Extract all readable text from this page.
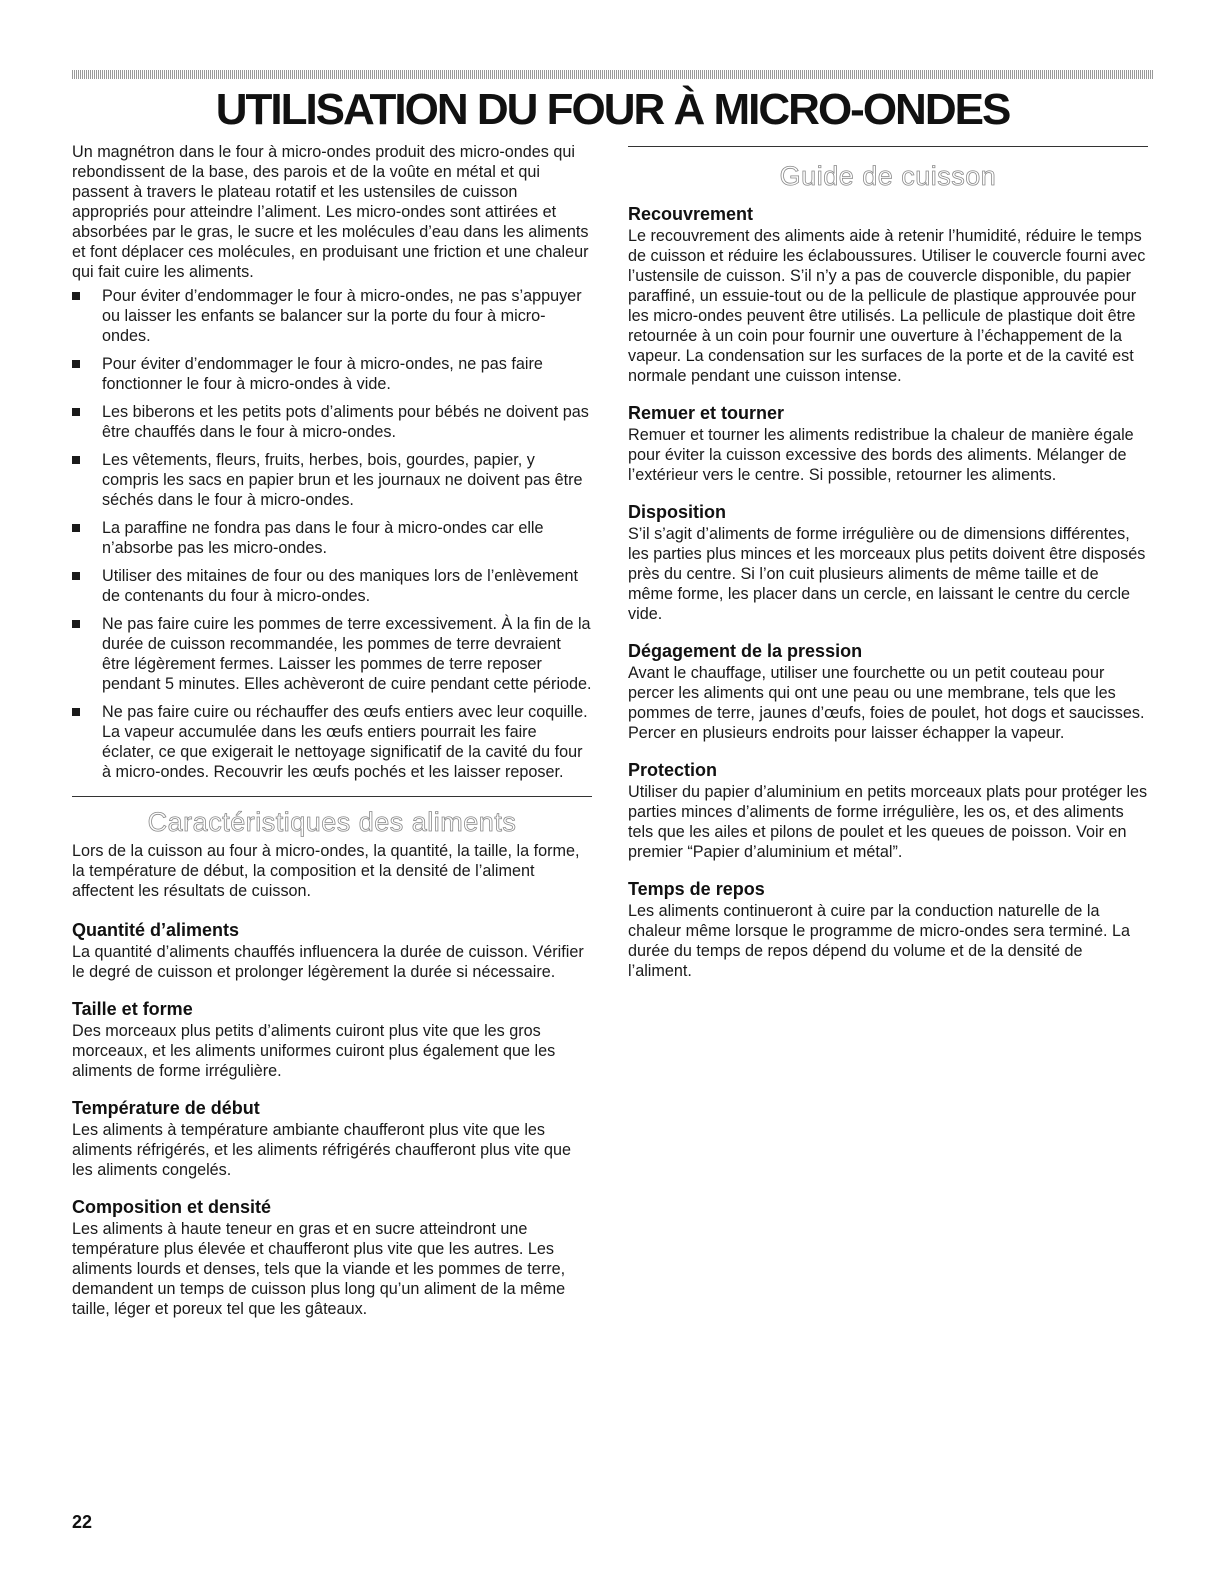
UTILISATION DU FOUR À MICRO-ONDES

Un magnétron dans le four à micro-ondes produit des micro-ondes qui rebondissent de la base, des parois et de la voûte en métal et qui passent à travers le plateau rotatif et les ustensiles de cuisson appropriés pour atteindre l’aliment. Les micro-ondes sont attirées et absorbées par le gras, le sucre et les molécules d’eau dans les aliments et font déplacer ces molécules, en produisant une friction et une chaleur qui fait cuire les aliments.

Pour éviter d’endommager le four à micro-ondes, ne pas s’appuyer ou laisser les enfants se balancer sur la porte du four à micro-ondes.
Pour éviter d’endommager le four à micro-ondes, ne pas faire fonctionner le four à micro-ondes à vide.
Les biberons et les petits pots d’aliments pour bébés ne doivent pas être chauffés dans le four à micro-ondes.
Les vêtements, fleurs, fruits, herbes, bois, gourdes, papier, y compris les sacs en papier brun et les journaux ne doivent pas être séchés dans le four à micro-ondes.
La paraffine ne fondra pas dans le four à micro-ondes car elle n’absorbe pas les micro-ondes.
Utiliser des mitaines de four ou des maniques lors de l’enlèvement de contenants du four à micro-ondes.
Ne pas faire cuire les pommes de terre excessivement. À la fin de la durée de cuisson recommandée, les pommes de terre devraient être légèrement fermes. Laisser les pommes de terre reposer pendant 5 minutes. Elles achèveront de cuire pendant cette période.
Ne pas faire cuire ou réchauffer des œufs entiers avec leur coquille. La vapeur accumulée dans les œufs entiers pourrait les faire éclater, ce que exigerait le nettoyage significatif de la cavité du four à micro-ondes. Recouvrir les œufs pochés et les laisser reposer.
Caractéristiques des aliments

Lors de la cuisson au four à micro-ondes, la quantité, la taille, la forme, la température de début, la composition et la densité de l’aliment affectent les résultats de cuisson.

Quantité d’aliments

La quantité d’aliments chauffés influencera la durée de cuisson. Vérifier le degré de cuisson et prolonger légèrement la durée si nécessaire.

Taille et forme

Des morceaux plus petits d’aliments cuiront plus vite que les gros morceaux, et les aliments uniformes cuiront plus également que les aliments de forme irrégulière.

Température de début

Les aliments à température ambiante chaufferont plus vite que les aliments réfrigérés, et les aliments réfrigérés chaufferont plus vite que les aliments congelés.

Composition et densité

Les aliments à haute teneur en gras et en sucre atteindront une température plus élevée et chaufferont plus vite que les autres. Les aliments lourds et denses, tels que la viande et les pommes de terre, demandent un temps de cuisson plus long qu’un aliment de la même taille, léger et poreux tel que les gâteaux.

Guide de cuisson
Recouvrement

Le recouvrement des aliments aide à retenir l’humidité, réduire le temps de cuisson et réduire les éclaboussures. Utiliser le couvercle fourni avec l’ustensile de cuisson. S’il n’y a pas de couvercle disponible, du papier paraffiné, un essuie-tout ou de la pellicule de plastique approuvée pour les micro-ondes peuvent être utilisés. La pellicule de plastique doit être retournée à un coin pour fournir une ouverture à l’échappement de la vapeur. La condensation sur les surfaces de la porte et de la cavité est normale pendant une cuisson intense.

Remuer et tourner

Remuer et tourner les aliments redistribue la chaleur de manière égale pour éviter la cuisson excessive des bords des aliments. Mélanger de l’extérieur vers le centre. Si possible, retourner les aliments.

Disposition

S’il s’agit d’aliments de forme irrégulière ou de dimensions différentes, les parties plus minces et les morceaux plus petits doivent être disposés près du centre. Si l’on cuit plusieurs aliments de même taille et de même forme, les placer dans un cercle, en laissant le centre du cercle vide.

Dégagement de la pression

Avant le chauffage, utiliser une fourchette ou un petit couteau pour percer les aliments qui ont une peau ou une membrane, tels que les pommes de terre, jaunes d’œufs, foies de poulet, hot dogs et saucisses. Percer en plusieurs endroits pour laisser échapper la vapeur.

Protection

Utiliser du papier d’aluminium en petits morceaux plats pour protéger les parties minces d’aliments de forme irrégulière, les os, et des aliments tels que les ailes et pilons de poulet et les queues de poisson. Voir en premier “Papier d’aluminium et métal”.

Temps de repos

Les aliments continueront à cuire par la conduction naturelle de la chaleur même lorsque le programme de micro-ondes sera terminé. La durée du temps de repos dépend du volume et de la densité de l’aliment.

22
